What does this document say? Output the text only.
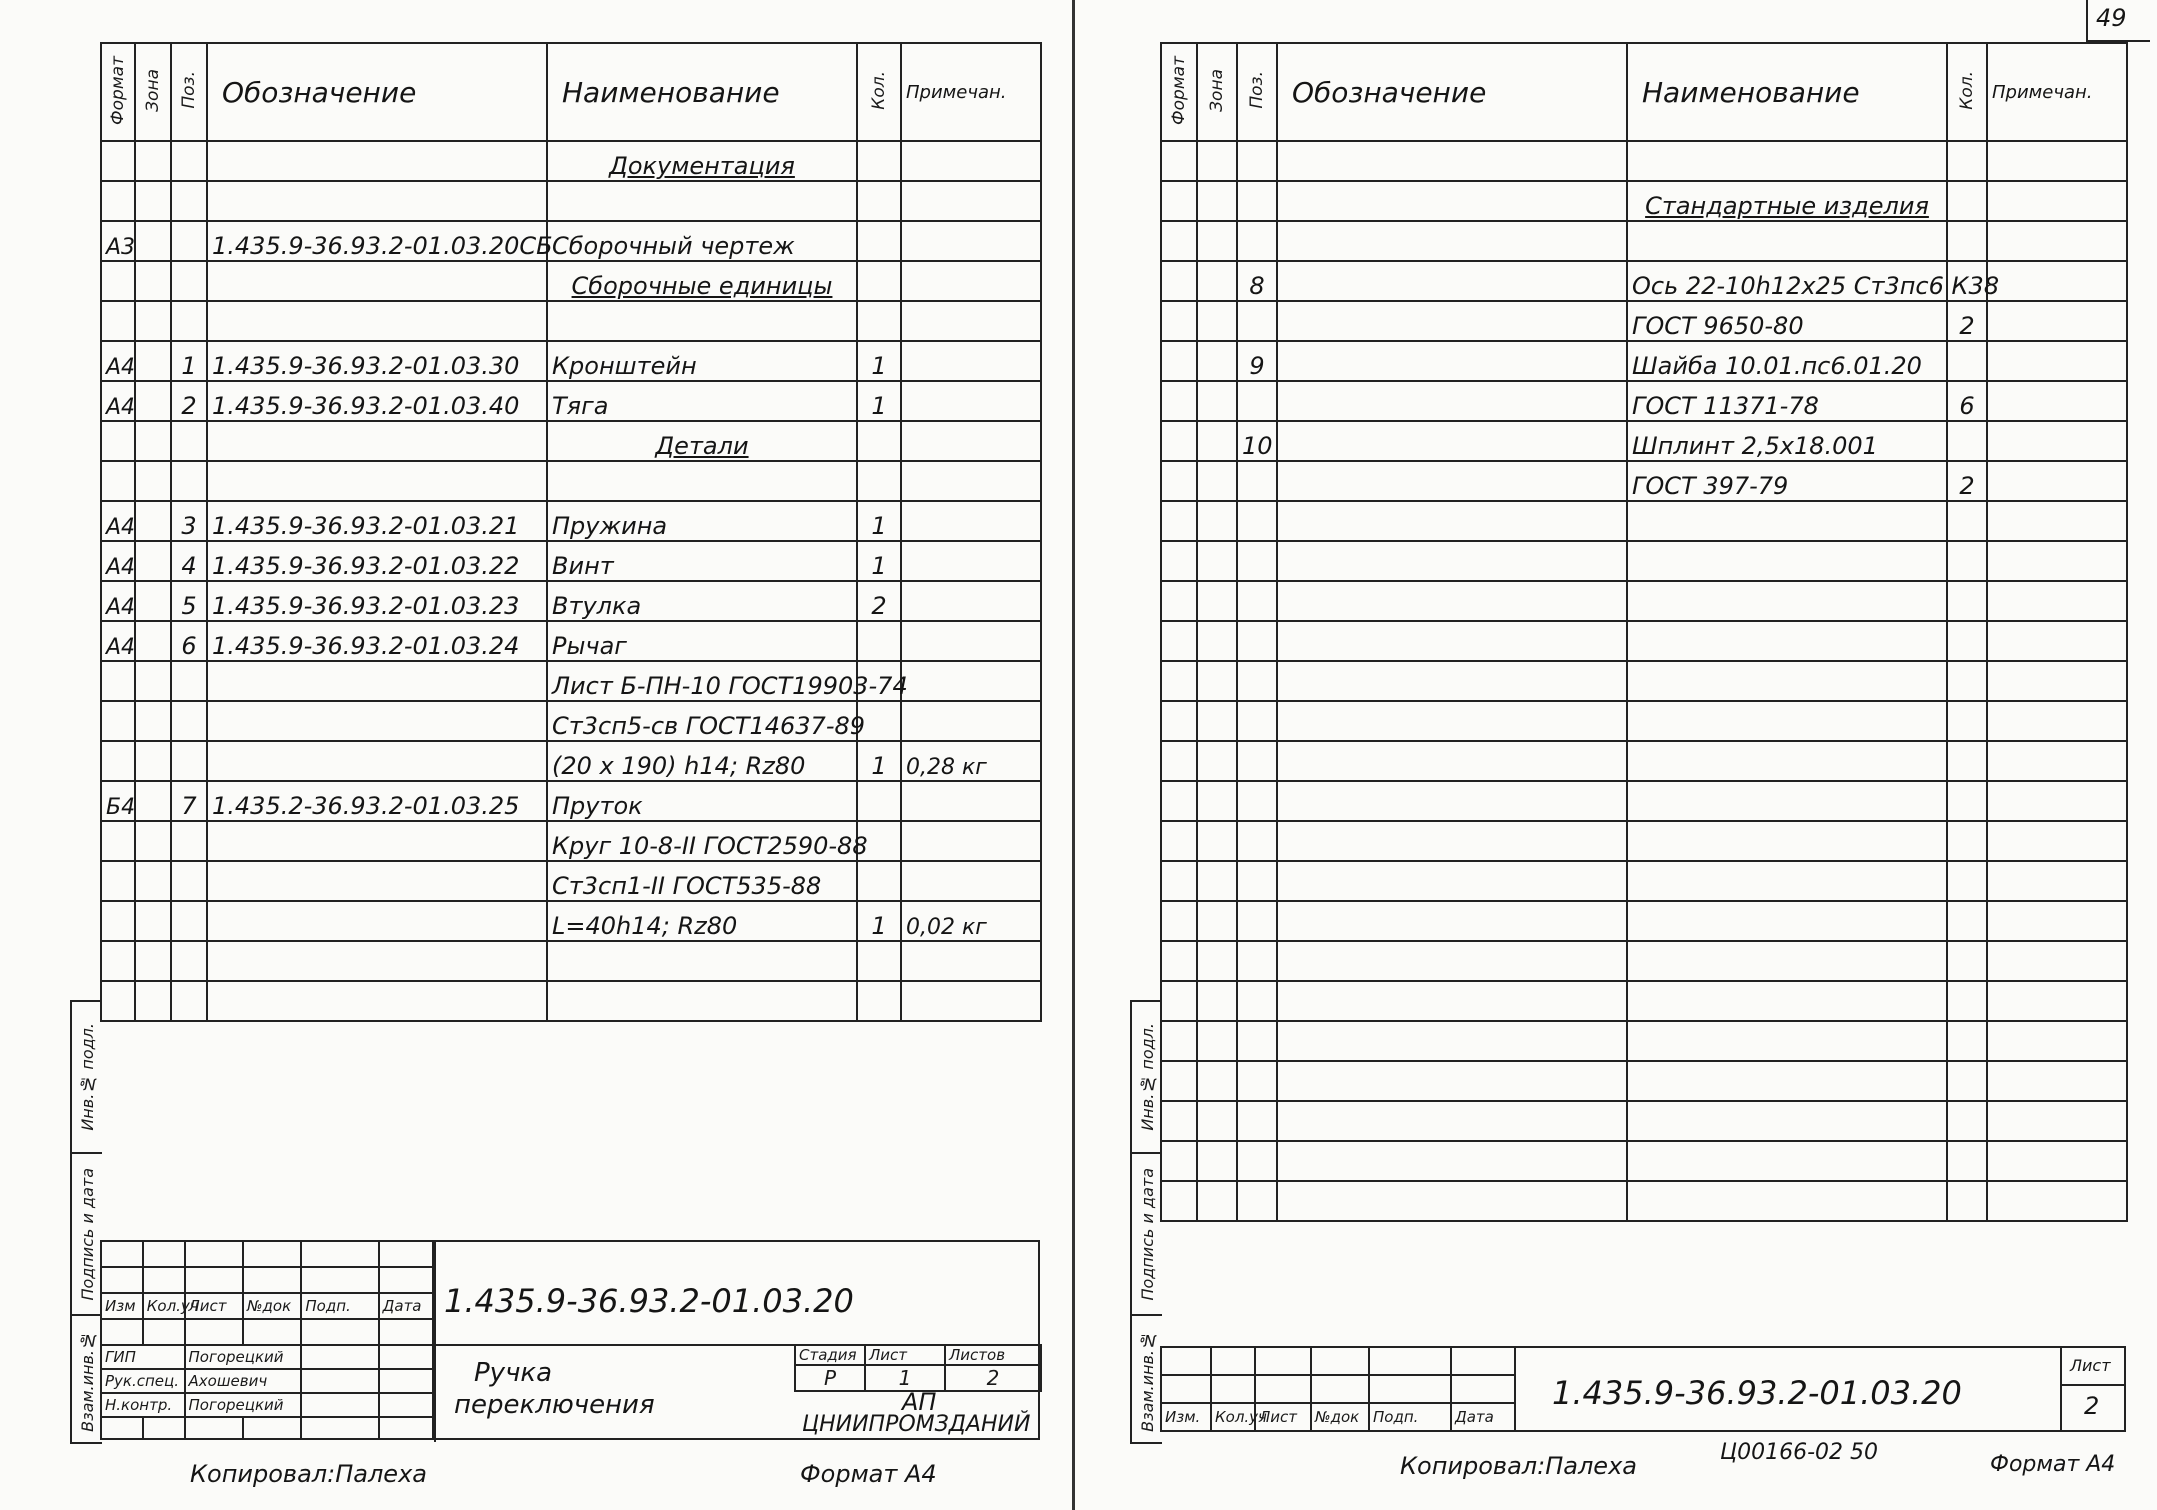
Инв.№ подл.
Подпись и дата
Взам.инв.№
Формат	Зона	Поз.	Обозначение	Наименование	Кол.	Примечан.
				Документация		

А3			1.435.9-36.93.2-01.03.20СБ	Сборочный чертеж		
				Сборочные единицы		

А4		1	1.435.9-36.93.2-01.03.30	Кронштейн	1	
А4		2	1.435.9-36.93.2-01.03.40	Тяга	1	
				Детали		

А4		3	1.435.9-36.93.2-01.03.21	Пружина	1	
А4		4	1.435.9-36.93.2-01.03.22	Винт	1	
А4		5	1.435.9-36.93.2-01.03.23	Втулка	2	
А4		6	1.435.9-36.93.2-01.03.24	Рычаг		
				Лист Б-ПН-10 ГОСТ19903-74		
				Ст3сп5-св ГОСТ14637-89		
				(20 x 190) h14; Rz80	1	0,28 кг
Б4		7	1.435.2-36.93.2-01.03.25	Пруток		
				Круг 10-8-II ГОСТ2590-88		
				Ст3сп1-II ГОСТ535-88		
				L=40h14; Rz80	1	0,02 кг

Изм	Кол.уч	Лист	№док	Подп.	Дата

ГИП		Погорецкий			
Рук.спец.		Ахошевич			
Н.контр.		Погорецкий			

1.435.9-36.93.2-01.03.20
Ручка
переключения
Стадия	Лист	Листов
Р	1	2
АП
ЦНИИПРОМЗДАНИЙ
Копировал:Палеха	Формат А4
49
Инв.№ подл.
Подпись и дата
Взам.инв.№
Формат	Зона	Поз.	Обозначение	Наименование	Кол.	Примечан.

				Стандартные изделия		

		8		Ось 22-10h12x25 Ст3пс6 К38		
				ГОСТ 9650-80	2	
		9		Шайба 10.01.пс6.01.20		
				ГОСТ 11371-78	6	
		10		Шплинт 2,5x18.001		
				ГОСТ 397-79	2	

Изм.	Кол.уч	Лист	№док	Подп.	Дата
1.435.9-36.93.2-01.03.20
Лист
2
Копировал:Палеха	Ц00166-02 50	Формат А4
